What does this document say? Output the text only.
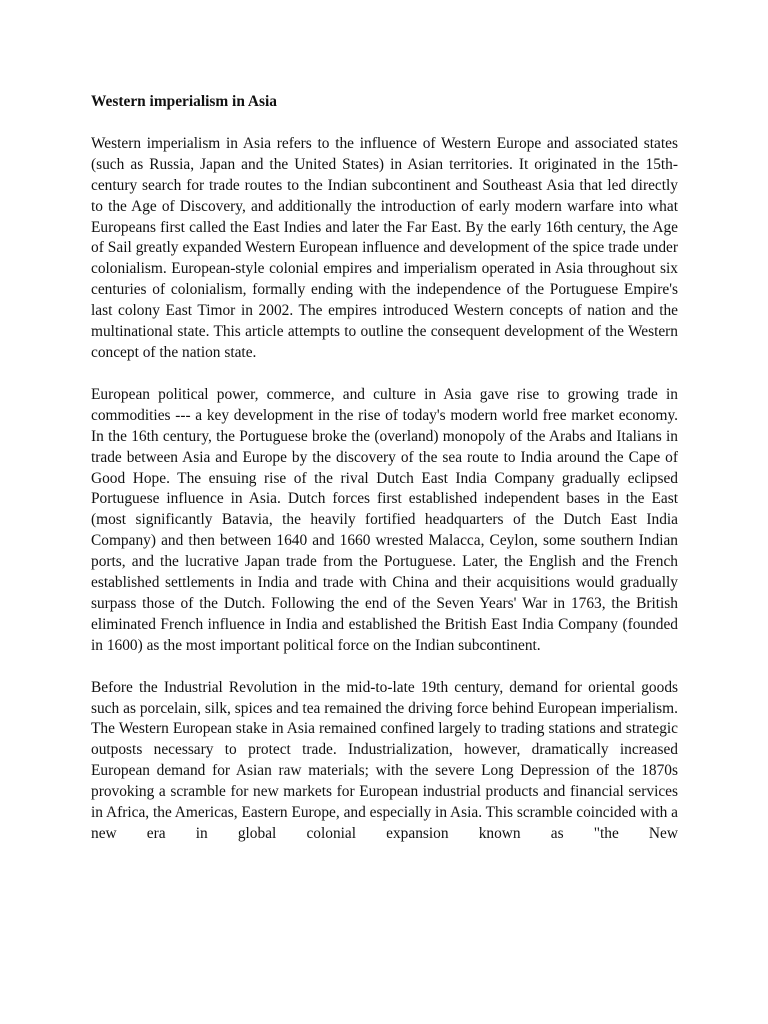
Western imperialism in Asia

Western imperialism in Asia refers to the influence of Western Europe and associated states (such as Russia, Japan and the United States) in Asian territories. It originated in the 15th-century search for trade routes to the Indian subcontinent and Southeast Asia that led directly to the Age of Discovery, and additionally the introduction of early modern warfare into what Europeans first called the East Indies and later the Far East. By the early 16th century, the Age of Sail greatly expanded Western European influence and development of the spice trade under colonialism. European-style colonial empires and imperialism operated in Asia throughout six centuries of colonialism, formally ending with the independence of the Portuguese Empire's last colony East Timor in 2002. The empires introduced Western concepts of nation and the multinational state. This article attempts to outline the consequent development of the Western concept of the nation state.

European political power, commerce, and culture in Asia gave rise to growing trade in commodities --- a key development in the rise of today's modern world free market economy. In the 16th century, the Portuguese broke the (overland) monopoly of the Arabs and Italians in trade between Asia and Europe by the discovery of the sea route to India around the Cape of Good Hope. The ensuing rise of the rival Dutch East India Company gradually eclipsed Portuguese influence in Asia. Dutch forces first established independent bases in the East (most significantly Batavia, the heavily fortified headquarters of the Dutch East India Company) and then between 1640 and 1660 wrested Malacca, Ceylon, some southern Indian ports, and the lucrative Japan trade from the Portuguese. Later, the English and the French established settlements in India and trade with China and their acquisitions would gradually surpass those of the Dutch. Following the end of the Seven Years' War in 1763, the British eliminated French influence in India and established the British East India Company (founded in 1600) as the most important political force on the Indian subcontinent.

Before the Industrial Revolution in the mid-to-late 19th century, demand for oriental goods such as porcelain, silk, spices and tea remained the driving force behind European imperialism. The Western European stake in Asia remained confined largely to trading stations and strategic outposts necessary to protect trade. Industrialization, however, dramatically increased European demand for Asian raw materials; with the severe Long Depression of the 1870s provoking a scramble for new markets for European industrial products and financial services in Africa, the Americas, Eastern Europe, and especially in Asia. This scramble coincided with a new era in global colonial expansion known as "the New
